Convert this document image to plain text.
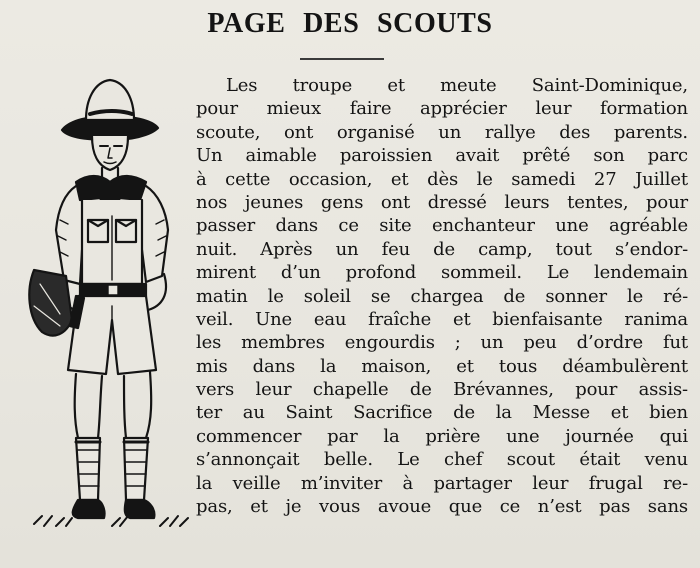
PAGE DES SCOUTS
Les troupe et meute Saint-Dominique,
pour mieux faire apprécier leur formation
scoute, ont organisé un rallye des parents.
Un aimable paroissien avait prêté son parc
à cette occasion, et dès le samedi 27 Juillet
nos jeunes gens ont dressé leurs tentes, pour
passer dans ce site enchanteur une agréable
nuit. Après un feu de camp, tout s’endor-
mirent d’un profond sommeil. Le lendemain
matin le soleil se chargea de sonner le ré-
veil. Une eau fraîche et bienfaisante ranima
les membres engourdis ; un peu d’ordre fut
mis dans la maison, et tous déambulèrent
vers leur chapelle de Brévannes, pour assis-
ter au Saint Sacrifice de la Messe et bien
commencer par la prière une journée qui
s’annonçait belle. Le chef scout était venu
la veille m’inviter à partager leur frugal re-
pas, et je vous avoue que ce n’est pas sans
